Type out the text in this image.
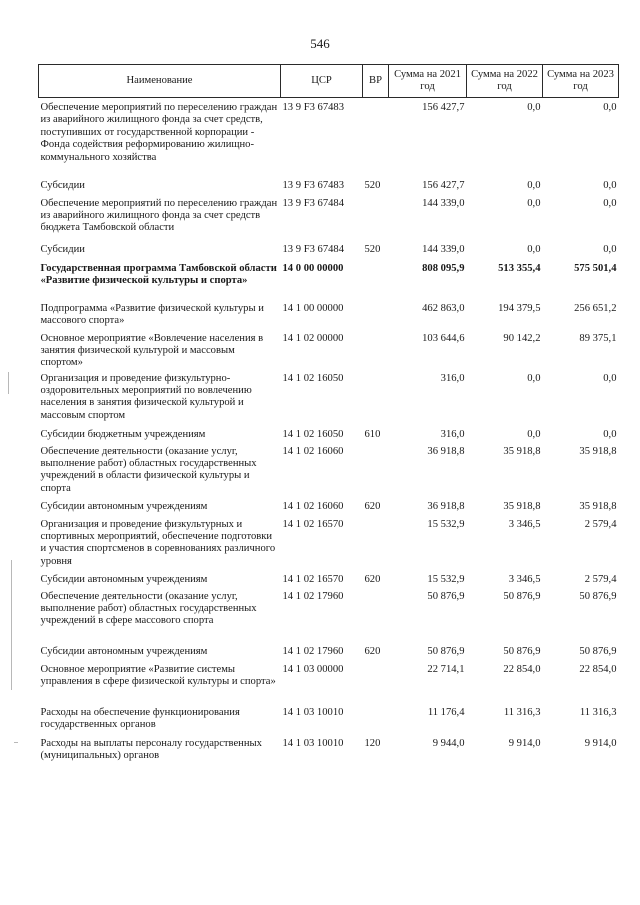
546
Наименование	ЦСР	ВР	Сумма на 2021 год	Сумма на 2022 год	Сумма на 2023 год
Обеспечение мероприятий по переселению граждан из аварийного жилищного фонда за счет средств, поступивших от государственной корпорации - Фонда содействия реформированию жилищно-коммунального хозяйства	13 9 F3 67483		156 427,7	0,0	0,0
Субсидии	13 9 F3 67483	520	156 427,7	0,0	0,0
Обеспечение мероприятий по переселению граждан из аварийного жилищного фонда за счет средств бюджета Тамбовской области	13 9 F3 67484		144 339,0	0,0	0,0
Субсидии	13 9 F3 67484	520	144 339,0	0,0	0,0
Государственная программа Тамбовской области «Развитие физической культуры и спорта»	14 0 00 00000		808 095,9	513 355,4	575 501,4
Подпрограмма «Развитие физической культуры и массового спорта»	14 1 00 00000		462 863,0	194 379,5	256 651,2
Основное мероприятие «Вовлечение населения в занятия физической культурой и массовым спортом»	14 1 02 00000		103 644,6	90 142,2	89 375,1
Организация и проведение физкультурно-оздоровительных мероприятий по вовлечению населения в занятия физической культурой и массовым спортом	14 1 02 16050		316,0	0,0	0,0
Субсидии бюджетным учреждениям	14 1 02 16050	610	316,0	0,0	0,0
Обеспечение деятельности (оказание услуг, выполнение работ) областных государственных учреждений в области физической культуры и спорта	14 1 02 16060		36 918,8	35 918,8	35 918,8
Субсидии автономным учреждениям	14 1 02 16060	620	36 918,8	35 918,8	35 918,8
Организация и проведение физкультурных и спортивных мероприятий, обеспечение подготовки и участия спортсменов в соревнованиях различного уровня	14 1 02 16570		15 532,9	3 346,5	2 579,4
Субсидии автономным учреждениям	14 1 02 16570	620	15 532,9	3 346,5	2 579,4
Обеспечение деятельности (оказание услуг, выполнение работ) областных государственных учреждений в сфере массового спорта	14 1 02 17960		50 876,9	50 876,9	50 876,9
Субсидии автономным учреждениям	14 1 02 17960	620	50 876,9	50 876,9	50 876,9
Основное мероприятие «Развитие системы управления в сфере физической культуры и спорта»	14 1 03 00000		22 714,1	22 854,0	22 854,0
Расходы на обеспечение функционирования государственных органов	14 1 03 10010		11 176,4	11 316,3	11 316,3
Расходы на выплаты персоналу государственных (муниципальных) органов	14 1 03 10010	120	9 944,0	9 914,0	9 914,0
